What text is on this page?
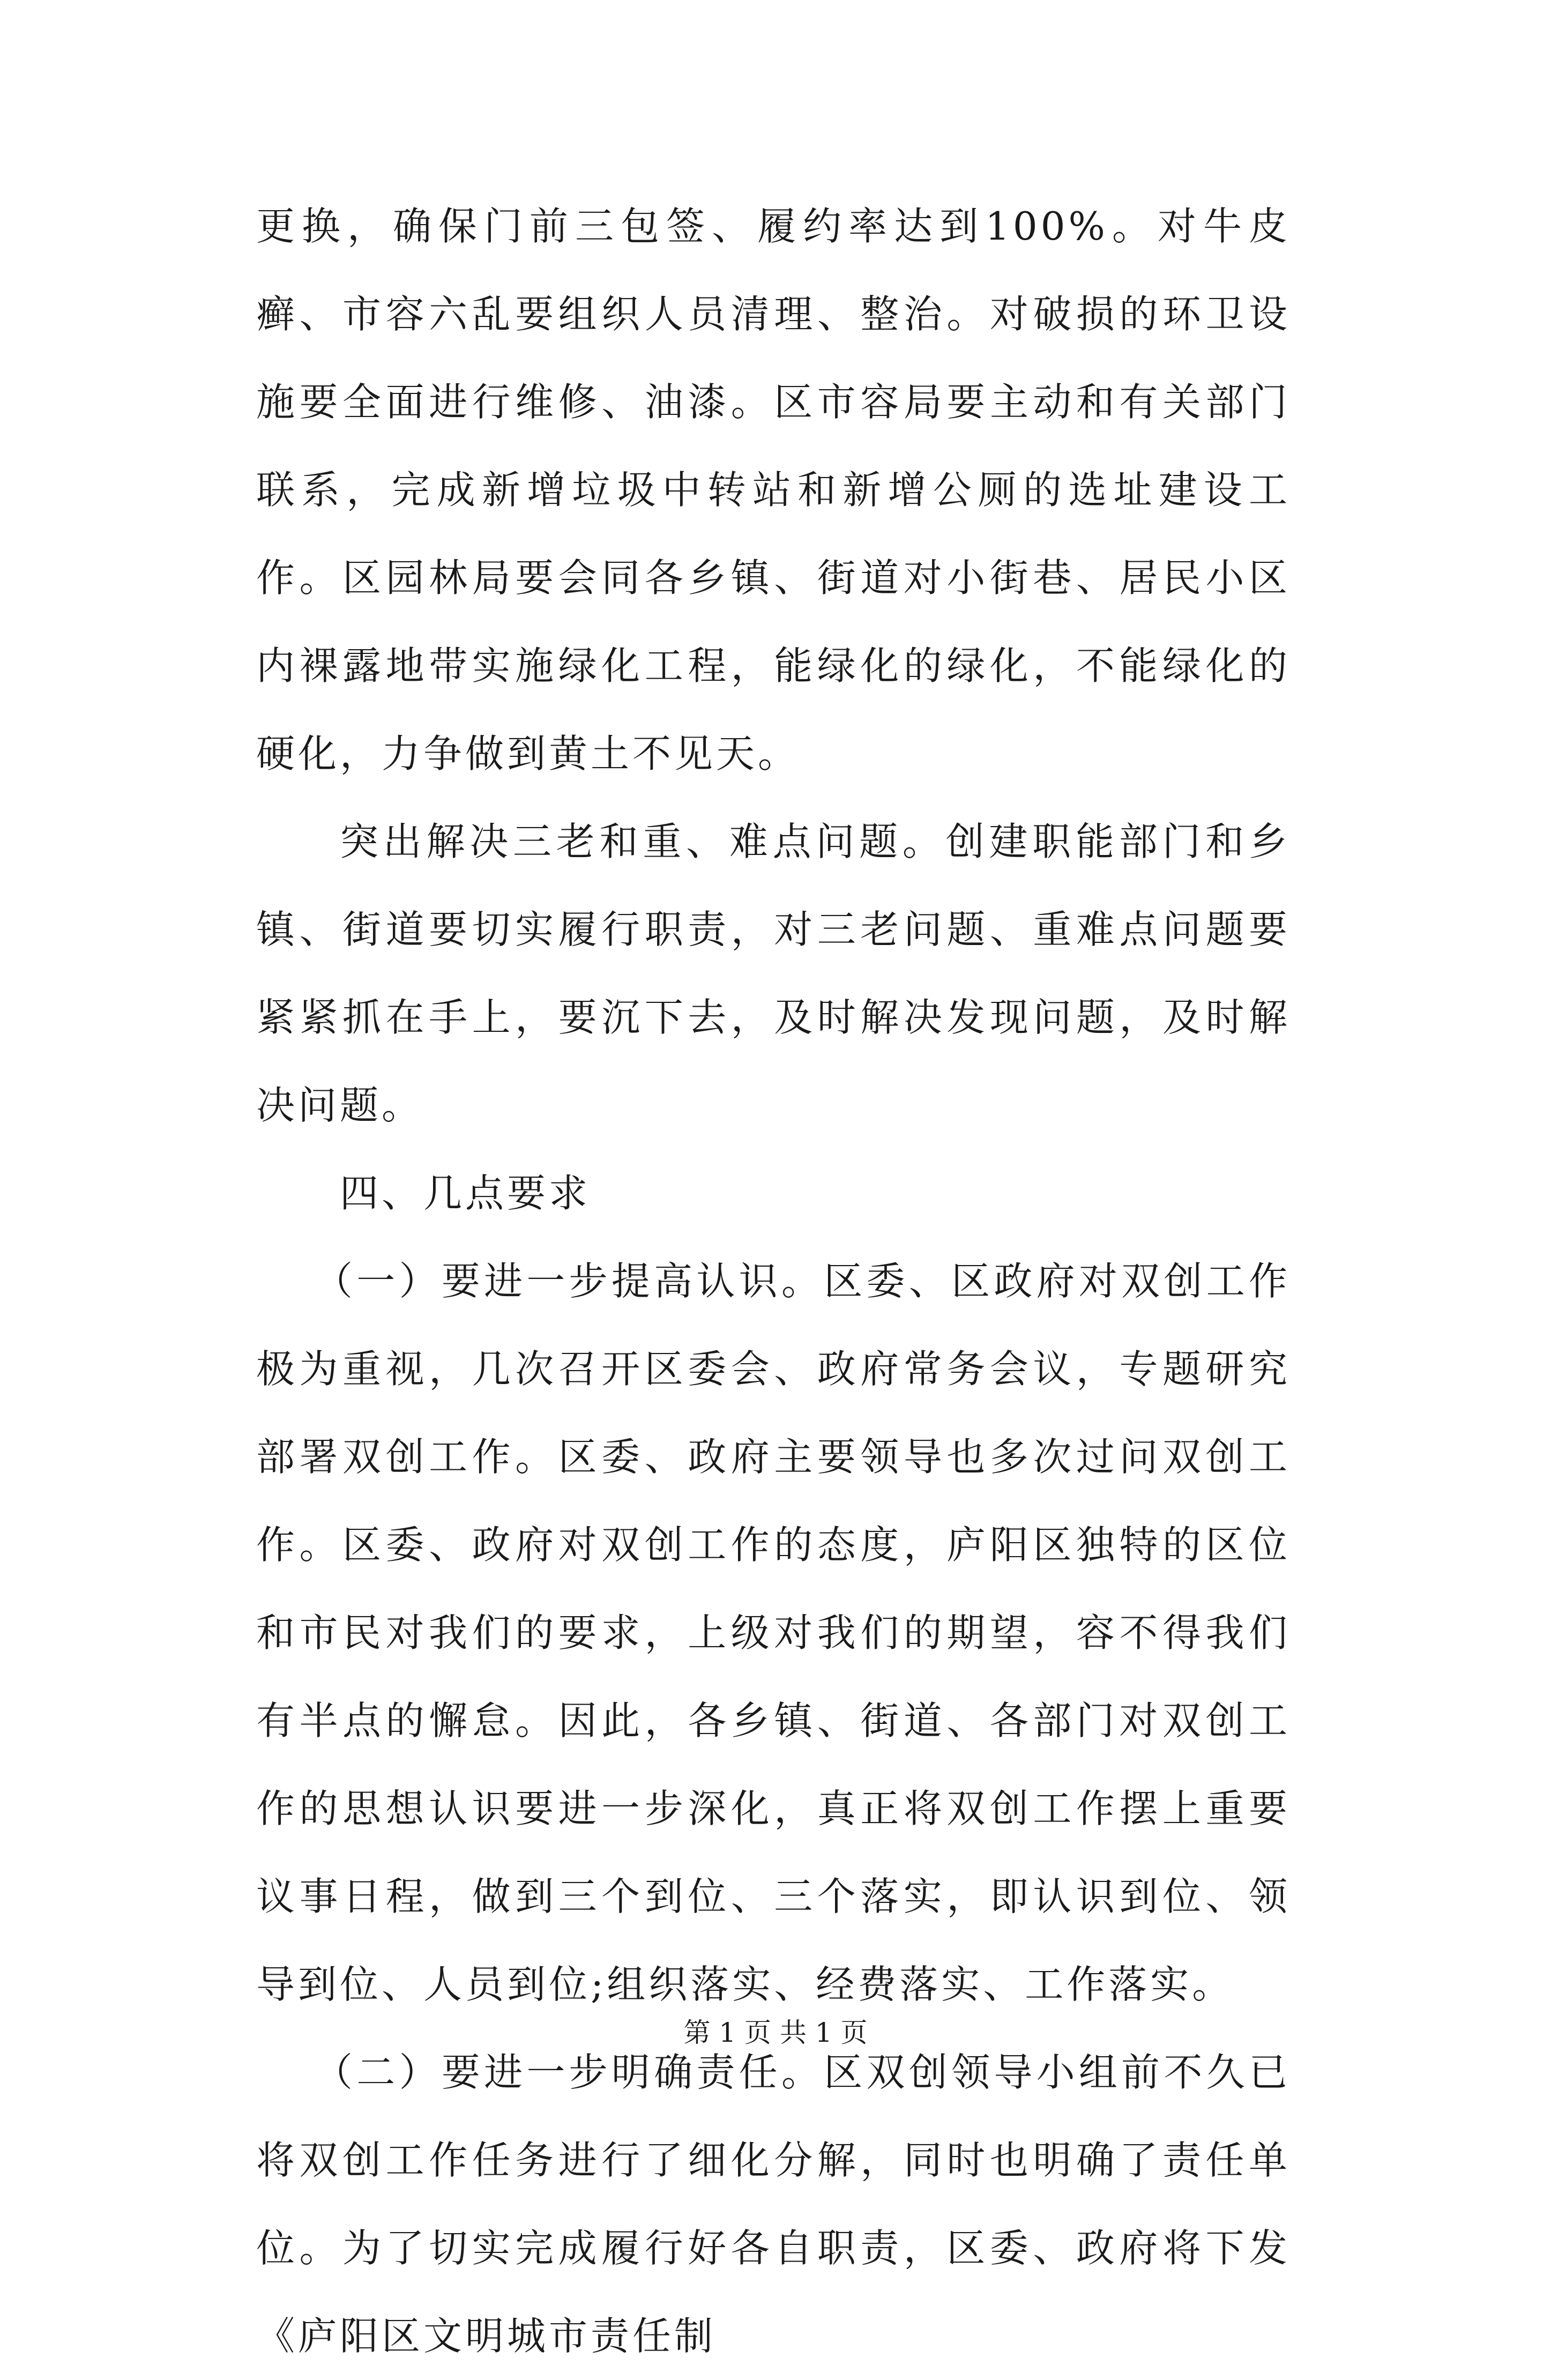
更换，确保门前三包签、履约率达到100%。对牛皮癣、市容六乱要组织人员清理、整治。对破损的环卫设施要全面进行维修、油漆。区市容局要主动和有关部门联系，完成新增垃圾中转站和新增公厕的选址建设工作。区园林局要会同各乡镇、街道对小街巷、居民小区内裸露地带实施绿化工程，能绿化的绿化，不能绿化的硬化，力争做到黄土不见天。

突出解决三老和重、难点问题。创建职能部门和乡镇、街道要切实履行职责，对三老问题、重难点问题要紧紧抓在手上，要沉下去，及时解决发现问题，及时解决问题。

四、几点要求

（一）要进一步提高认识。区委、区政府对双创工作极为重视，几次召开区委会、政府常务会议，专题研究部署双创工作。区委、政府主要领导也多次过问双创工作。区委、政府对双创工作的态度，庐阳区独特的区位和市民对我们的要求，上级对我们的期望，容不得我们有半点的懈怠。因此，各乡镇、街道、各部门对双创工作的思想认识要进一步深化，真正将双创工作摆上重要议事日程，做到三个到位、三个落实，即认识到位、领导到位、人员到位;组织落实、经费落实、工作落实。

（二）要进一步明确责任。区双创领导小组前不久已将双创工作任务进行了细化分解，同时也明确了责任单位。为了切实完成履行好各自职责，区委、政府将下发《庐阳区文明城市责任制

第 1 页 共 1 页
